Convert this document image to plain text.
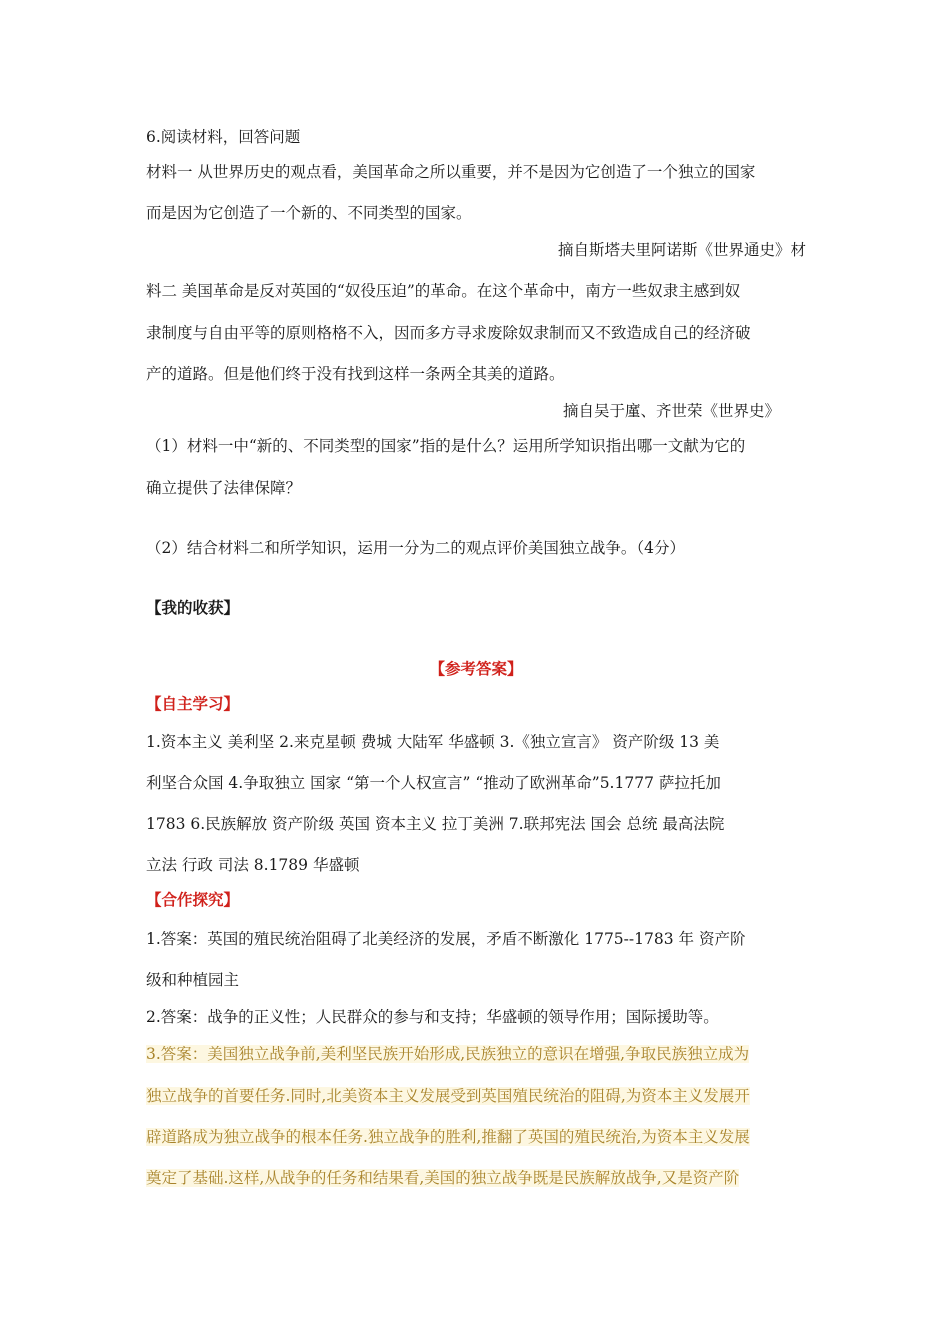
6.阅读材料，回答问题
材料一 从世界历史的观点看，美国革命之所以重要，并不是因为它创造了一个独立的国家
而是因为它创造了一个新的、不同类型的国家。
摘自斯塔夫里阿诺斯《世界通史》材
料二 美国革命是反对英国的“奴役压迫”的革命。在这个革命中，南方一些奴隶主感到奴
隶制度与自由平等的原则格格不入，因而多方寻求废除奴隶制而又不致造成自己的经济破
产的道路。但是他们终于没有找到这样一条两全其美的道路。
摘自吴于廑、齐世荣《世界史》
（1）材料一中“新的、不同类型的国家”指的是什么？运用所学知识指出哪一文献为它的
确立提供了法律保障？
（2）结合材料二和所学知识，运用一分为二的观点评价美国独立战争。（4分）
【我的收获】
【参考答案】
【自主学习】
1.资本主义 美利坚 2.来克星顿 费城 大陆军 华盛顿 3.《独立宣言》 资产阶级 13 美
利坚合众国 4.争取独立 国家 “第一个人权宣言” “推动了欧洲革命”5.1777 萨拉托加
1783 6.民族解放 资产阶级 英国 资本主义 拉丁美洲 7.联邦宪法 国会 总统 最高法院
立法 行政 司法 8.1789 华盛顿
【合作探究】
1.答案：英国的殖民统治阻碍了北美经济的发展，矛盾不断激化 1775--1783 年 资产阶
级和种植园主
2.答案：战争的正义性；人民群众的参与和支持；华盛顿的领导作用；国际援助等。
3.答案：美国独立战争前,美利坚民族开始形成,民族独立的意识在增强,争取民族独立成为
独立战争的首要任务.同时,北美资本主义发展受到英国殖民统治的阻碍,为资本主义发展开
辟道路成为独立战争的根本任务.独立战争的胜利,推翻了英国的殖民统治,为资本主义发展
奠定了基础.这样,从战争的任务和结果看,美国的独立战争既是民族解放战争,又是资产阶
